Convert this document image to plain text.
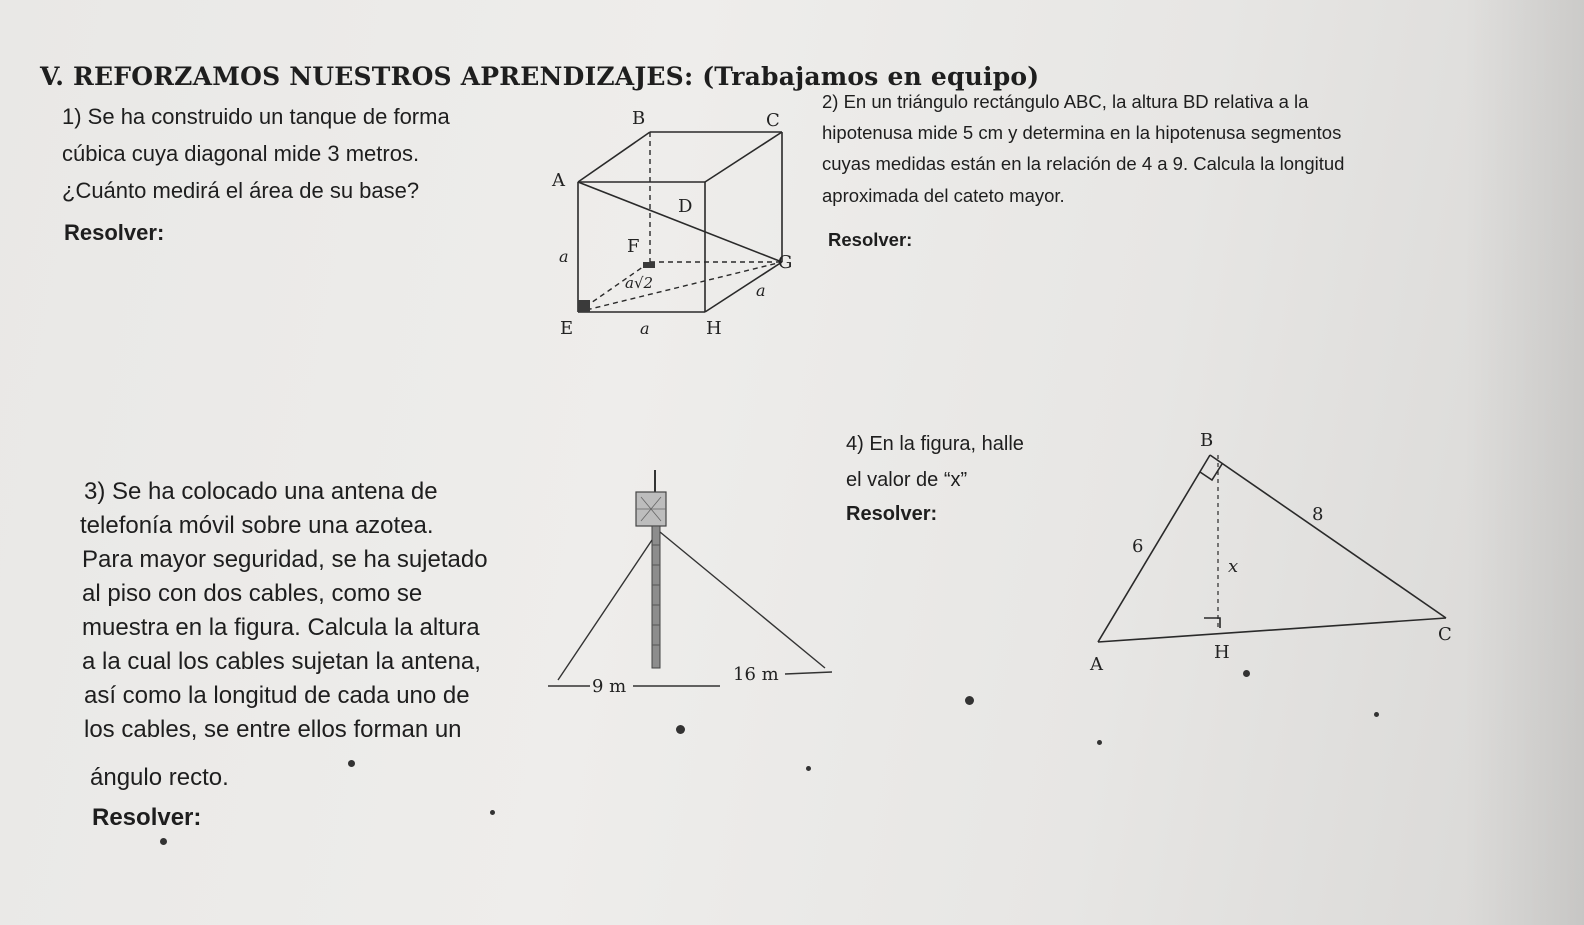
V. REFORZAMOS NUESTROS APRENDIZAJES: (Trabajamos en equipo)
1) Se ha construido un tanque de forma
cúbica cuya diagonal mide 3 metros.
¿Cuánto medirá el área de su base?
Resolver:
B	C
A
D
F
G
E	H
a
a√2	a
a
2) En un triángulo rectángulo ABC, la altura BD relativa a la
hipotenusa mide 5 cm y determina en la hipotenusa segmentos
cuyas medidas están en la relación de 4 a 9. Calcula la longitud
aproximada del cateto mayor.
Resolver:
3) Se ha colocado una antena de
telefonía móvil sobre una azotea.
Para mayor seguridad, se ha sujetado
al piso con dos cables, como se
muestra en la figura. Calcula la altura
a la cual los cables sujetan la antena,
así como la longitud de cada uno de
los cables, se entre ellos forman un
ángulo recto.
Resolver:
9 m
16 m
4) En la figura, halle
el valor de “x”
Resolver:
B
A
C
H
6
8
x
